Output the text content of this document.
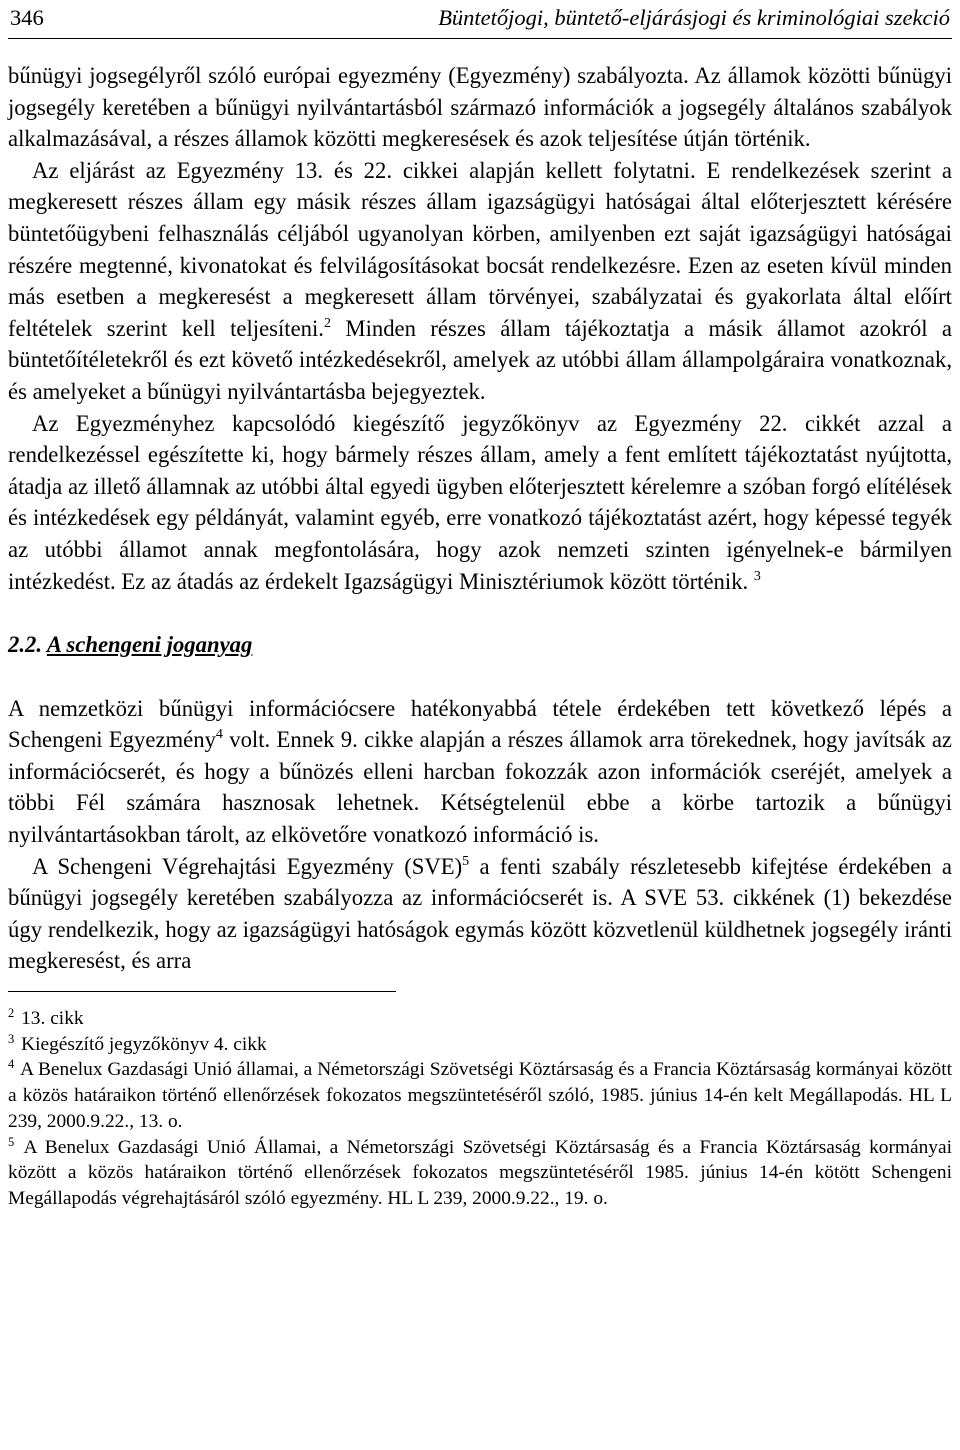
346	Büntetőjogi, büntető-eljárásjogi és kriminológiai szekció

bűnügyi jogsegélyről szóló európai egyezmény (Egyezmény) szabályozta. Az államok közötti bűnügyi jogsegély keretében a bűnügyi nyilvántartásból származó információk a jogsegély általános szabályok alkalmazásával, a részes államok közötti megkeresések és azok teljesítése útján történik.

Az eljárást az Egyezmény 13. és 22. cikkei alapján kellett folytatni. E rendelkezések szerint a megkeresett részes állam egy másik részes állam igazságügyi hatóságai által előterjesztett kérésére büntetőügybeni felhasználás céljából ugyanolyan körben, amilyenben ezt saját igazságügyi hatóságai részére megtenné, kivonatokat és felvilágosításokat bocsát rendelkezésre. Ezen az eseten kívül minden más esetben a megkeresést a megkeresett állam törvényei, szabályzatai és gyakorlata által előírt feltételek szerint kell teljesíteni.$^2$ Minden részes állam tájékoztatja a másik államot azokról a büntetőítéletekről és ezt követő intézkedésekről, amelyek az utóbbi állam állampolgáraira vonatkoznak, és amelyeket a bűnügyi nyilvántartásba bejegyeztek.

Az Egyezményhez kapcsolódó kiegészítő jegyzőkönyv az Egyezmény 22. cikkét azzal a rendelkezéssel egészítette ki, hogy bármely részes állam, amely a fent említett tájékoztatást nyújtotta, átadja az illető államnak az utóbbi által egyedi ügyben előterjesztett kérelemre a szóban forgó elítélések és intézkedések egy példányát, valamint egyéb, erre vonatkozó tájékoztatást azért, hogy képessé tegyék az utóbbi államot annak megfontolására, hogy azok nemzeti szinten igényelnek-e bármilyen intézkedést. Ez az átadás az érdekelt Igazságügyi Minisztériumok között történik. $^3$

2.2. A schengeni joganyag

A nemzetközi bűnügyi információcsere hatékonyabbá tétele érdekében tett következő lépés a Schengeni Egyezmény$^4$ volt. Ennek 9. cikke alapján a részes államok arra törekednek, hogy javítsák az információcserét, és hogy a bűnözés elleni harcban fokozzák azon információk cseréjét, amelyek a többi Fél számára hasznosak lehetnek. Kétségtelenül ebbe a körbe tartozik a bűnügyi nyilvántartásokban tárolt, az elkövetőre vonatkozó információ is.

A Schengeni Végrehajtási Egyezmény (SVE)$^5$ a fenti szabály részletesebb kifejtése érdekében a bűnügyi jogsegély keretében szabályozza az információcserét is. A SVE 53. cikkének (1) bekezdése úgy rendelkezik, hogy az igazságügyi hatóságok egymás között közvetlenül küldhetnek jogsegély iránti megkeresést, és arra

$^2$ 13. cikk

$^3$ Kiegészítő jegyzőkönyv 4. cikk

$^4$ A Benelux Gazdasági Unió államai, a Németországi Szövetségi Köztársaság és a Francia Köztársaság kormányai között a közös határaikon történő ellenőrzések fokozatos megszüntetéséről szóló, 1985. június 14-én kelt Megállapodás. HL L 239, 2000.9.22., 13. o.

$^5$ A Benelux Gazdasági Unió Államai, a Németországi Szövetségi Köztársaság és a Francia Köztársaság kormányai között a közös határaikon történő ellenőrzések fokozatos megszüntetéséről 1985. június 14-én kötött Schengeni Megállapodás végrehajtásáról szóló egyezmény. HL L 239, 2000.9.22., 19. o.
